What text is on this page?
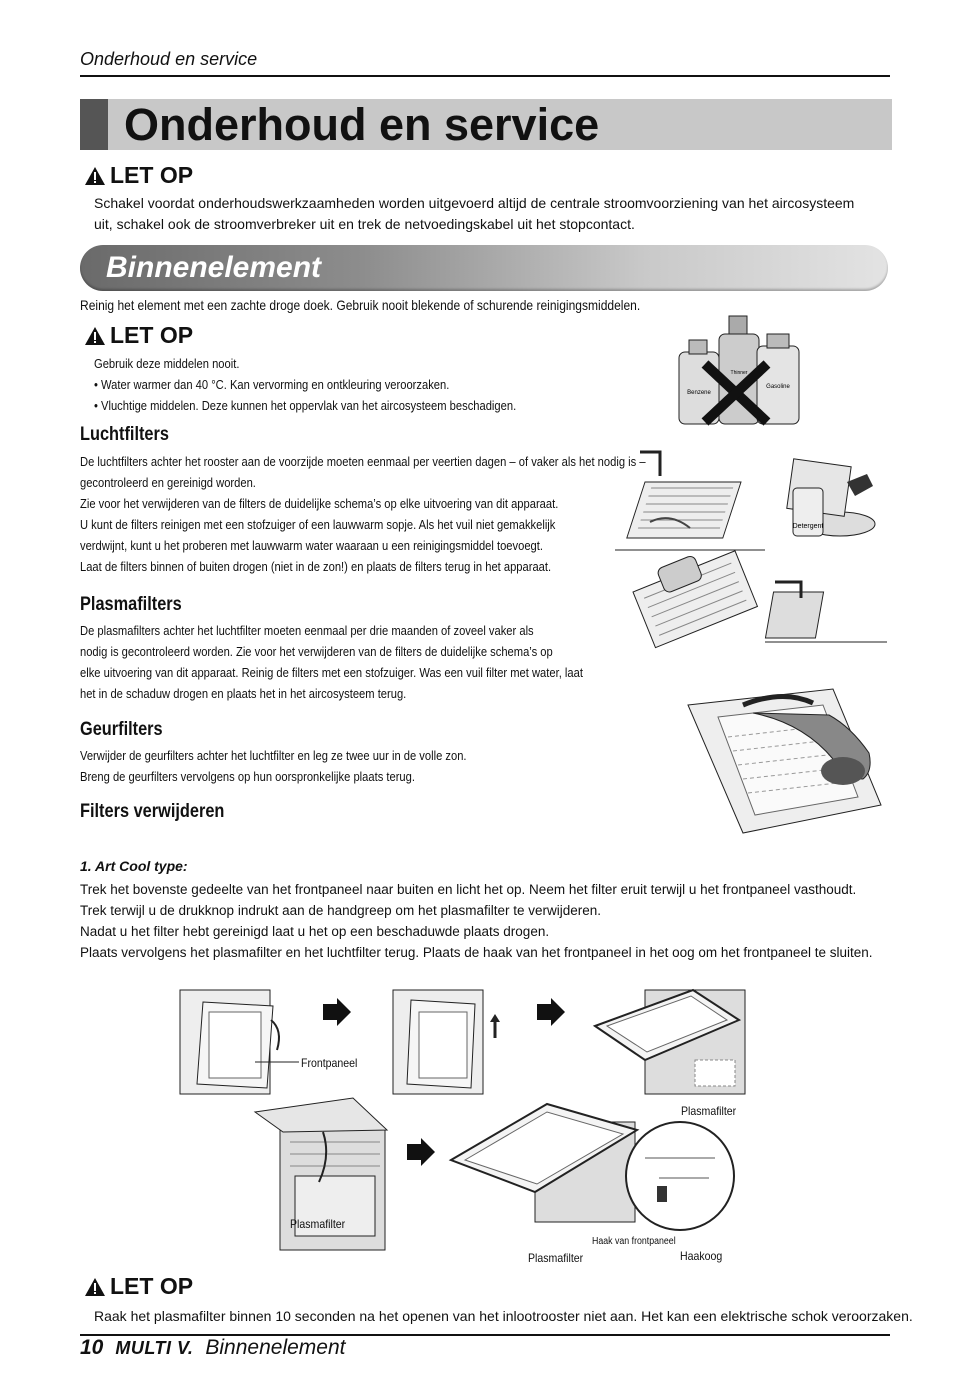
Onderhoud en service
Onderhoud en service
LET OP
Schakel voordat onderhoudswerkzaamheden worden uitgevoerd altijd de centrale stroomvoorziening van het aircosysteem
uit, schakel ook de stroomverbreker uit en trek de netvoedingskabel uit het stopcontact.
Binnenelement
Reinig het element met een zachte droge doek. Gebruik nooit blekende of schurende reinigingsmiddelen.
LET OP
Gebruik deze middelen nooit.
• Water warmer dan 40 °C. Kan vervorming en ontkleuring veroorzaken.
• Vluchtige middelen. Deze kunnen het oppervlak van het aircosysteem beschadigen.
Benzene
Thinner
Gasoline
Luchtfilters
De luchtfilters achter het rooster aan de voorzijde moeten eenmaal per veertien dagen – of vaker als het nodig is –
gecontroleerd en gereinigd worden.
Zie voor het verwijderen van de filters de duidelijke schema’s op elke uitvoering van dit apparaat.
U kunt de filters reinigen met een stofzuiger of een lauwwarm sopje. Als het vuil niet gemakkelijk
verdwijnt, kunt u het proberen met lauwwarm water waaraan u een reinigingsmiddel toevoegt.
Laat de filters binnen of buiten drogen (niet in de zon!) en plaats de filters terug in het apparaat.
Detergent
Plasmafilters
De plasmafilters achter het luchtfilter moeten eenmaal per drie maanden of zoveel vaker als
nodig is gecontroleerd worden. Zie voor het verwijderen van de filters de duidelijke schema’s op
elke uitvoering van dit apparaat. Reinig de filters met een stofzuiger. Was een vuil filter met water, laat
het in de schaduw drogen en plaats het in het aircosysteem terug.
Geurfilters
Verwijder de geurfilters achter het luchtfilter en leg ze twee uur in de volle zon.
Breng de geurfilters vervolgens op hun oorspronkelijke plaats terug.
Filters verwijderen
1. Art Cool type:
Trek het bovenste gedeelte van het frontpaneel naar buiten en licht het op. Neem het filter eruit terwijl u het frontpaneel vasthoudt.
Trek terwijl u de drukknop indrukt aan de handgreep om het plasmafilter te verwijderen.
Nadat u het filter hebt gereinigd laat u het op een beschaduwde plaats drogen.
Plaats vervolgens het plasmafilter en het luchtfilter terug. Plaats de haak van het frontpaneel in het oog om het frontpaneel te sluiten.
Frontpaneel
Plasmafilter
Plasmafilter
Plasmafilter
Haak van frontpaneel
Haakoog
LET OP
Raak het plasmafilter binnen 10 seconden na het openen van het inlootrooster niet aan. Het kan een elektrische schok veroorzaken.
10 MULTI V. Binnenelement
